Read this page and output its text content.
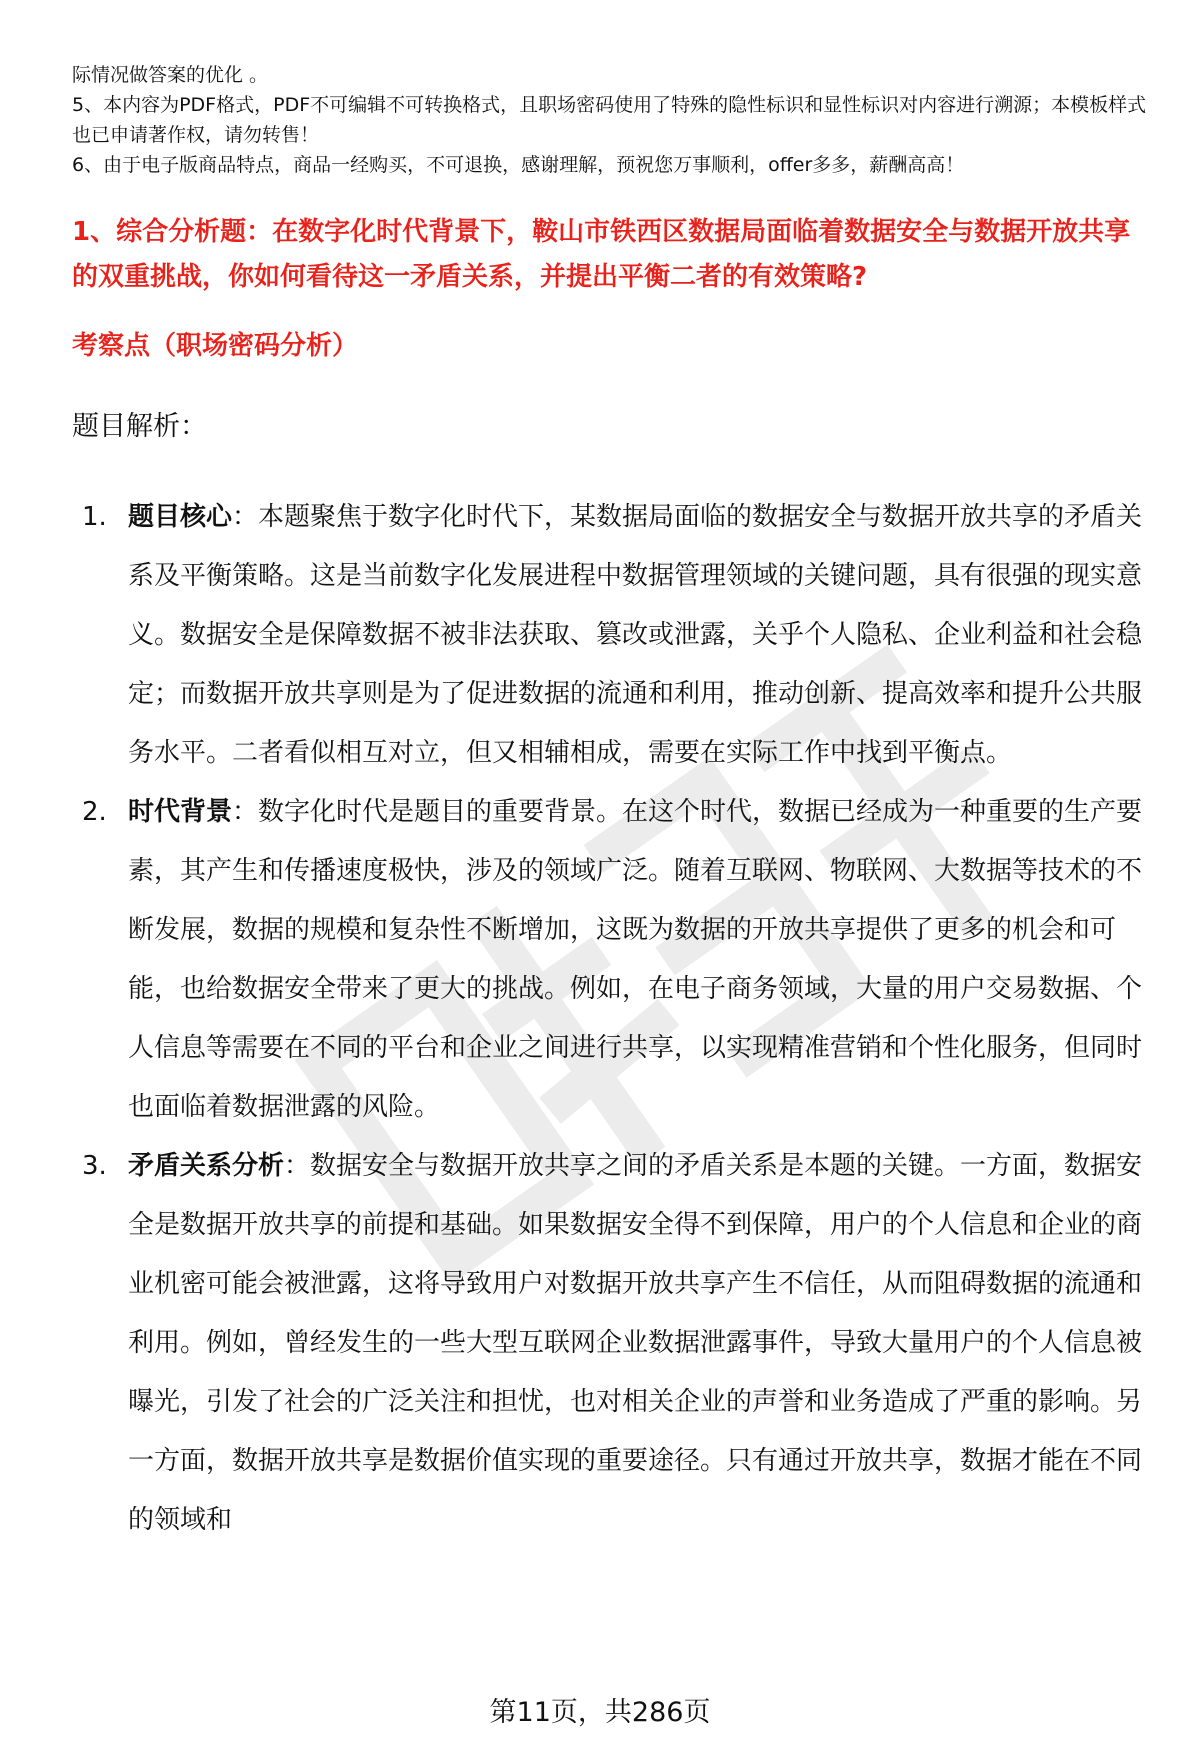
际情况做答案的优化 。

5、本内容为PDF格式，PDF不可编辑不可转换格式，且职场密码使用了特殊的隐性标识和显性标识对内容进行溯源；本模板样式也已申请著作权，请勿转售！

6、由于电子版商品特点，商品一经购买，不可退换，感谢理解，预祝您万事顺利，offer多多，薪酬高高！

1、综合分析题：在数字化时代背景下，鞍山市铁西区数据局面临着数据安全与数据开放共享的双重挑战，你如何看待这一矛盾关系，并提出平衡二者的有效策略?

考察点（职场密码分析）

题目解析：

1. 题目核心：本题聚焦于数字化时代下，某数据局面临的数据安全与数据开放共享的矛盾关系及平衡策略。这是当前数字化发展进程中数据管理领域的关键问题，具有很强的现实意义。数据安全是保障数据不被非法获取、篡改或泄露，关乎个人隐私、企业利益和社会稳定；而数据开放共享则是为了促进数据的流通和利用，推动创新、提高效率和提升公共服务水平。二者看似相互对立，但又相辅相成，需要在实际工作中找到平衡点。
2. 时代背景：数字化时代是题目的重要背景。在这个时代，数据已经成为一种重要的生产要素，其产生和传播速度极快，涉及的领域广泛。随着互联网、物联网、大数据等技术的不断发展，数据的规模和复杂性不断增加，这既为数据的开放共享提供了更多的机会和可能，也给数据安全带来了更大的挑战。例如，在电子商务领域，大量的用户交易数据、个人信息等需要在不同的平台和企业之间进行共享，以实现精准营销和个性化服务，但同时也面临着数据泄露的风险。
3. 矛盾关系分析：数据安全与数据开放共享之间的矛盾关系是本题的关键。一方面，数据安全是数据开放共享的前提和基础。如果数据安全得不到保障，用户的个人信息和企业的商业机密可能会被泄露，这将导致用户对数据开放共享产生不信任，从而阻碍数据的流通和利用。例如，曾经发生的一些大型互联网企业数据泄露事件，导致大量用户的个人信息被曝光，引发了社会的广泛关注和担忧，也对相关企业的声誉和业务造成了严重的影响。另一方面，数据开放共享是数据价值实现的重要途径。只有通过开放共享，数据才能在不同的领域和

第11页，共286页
